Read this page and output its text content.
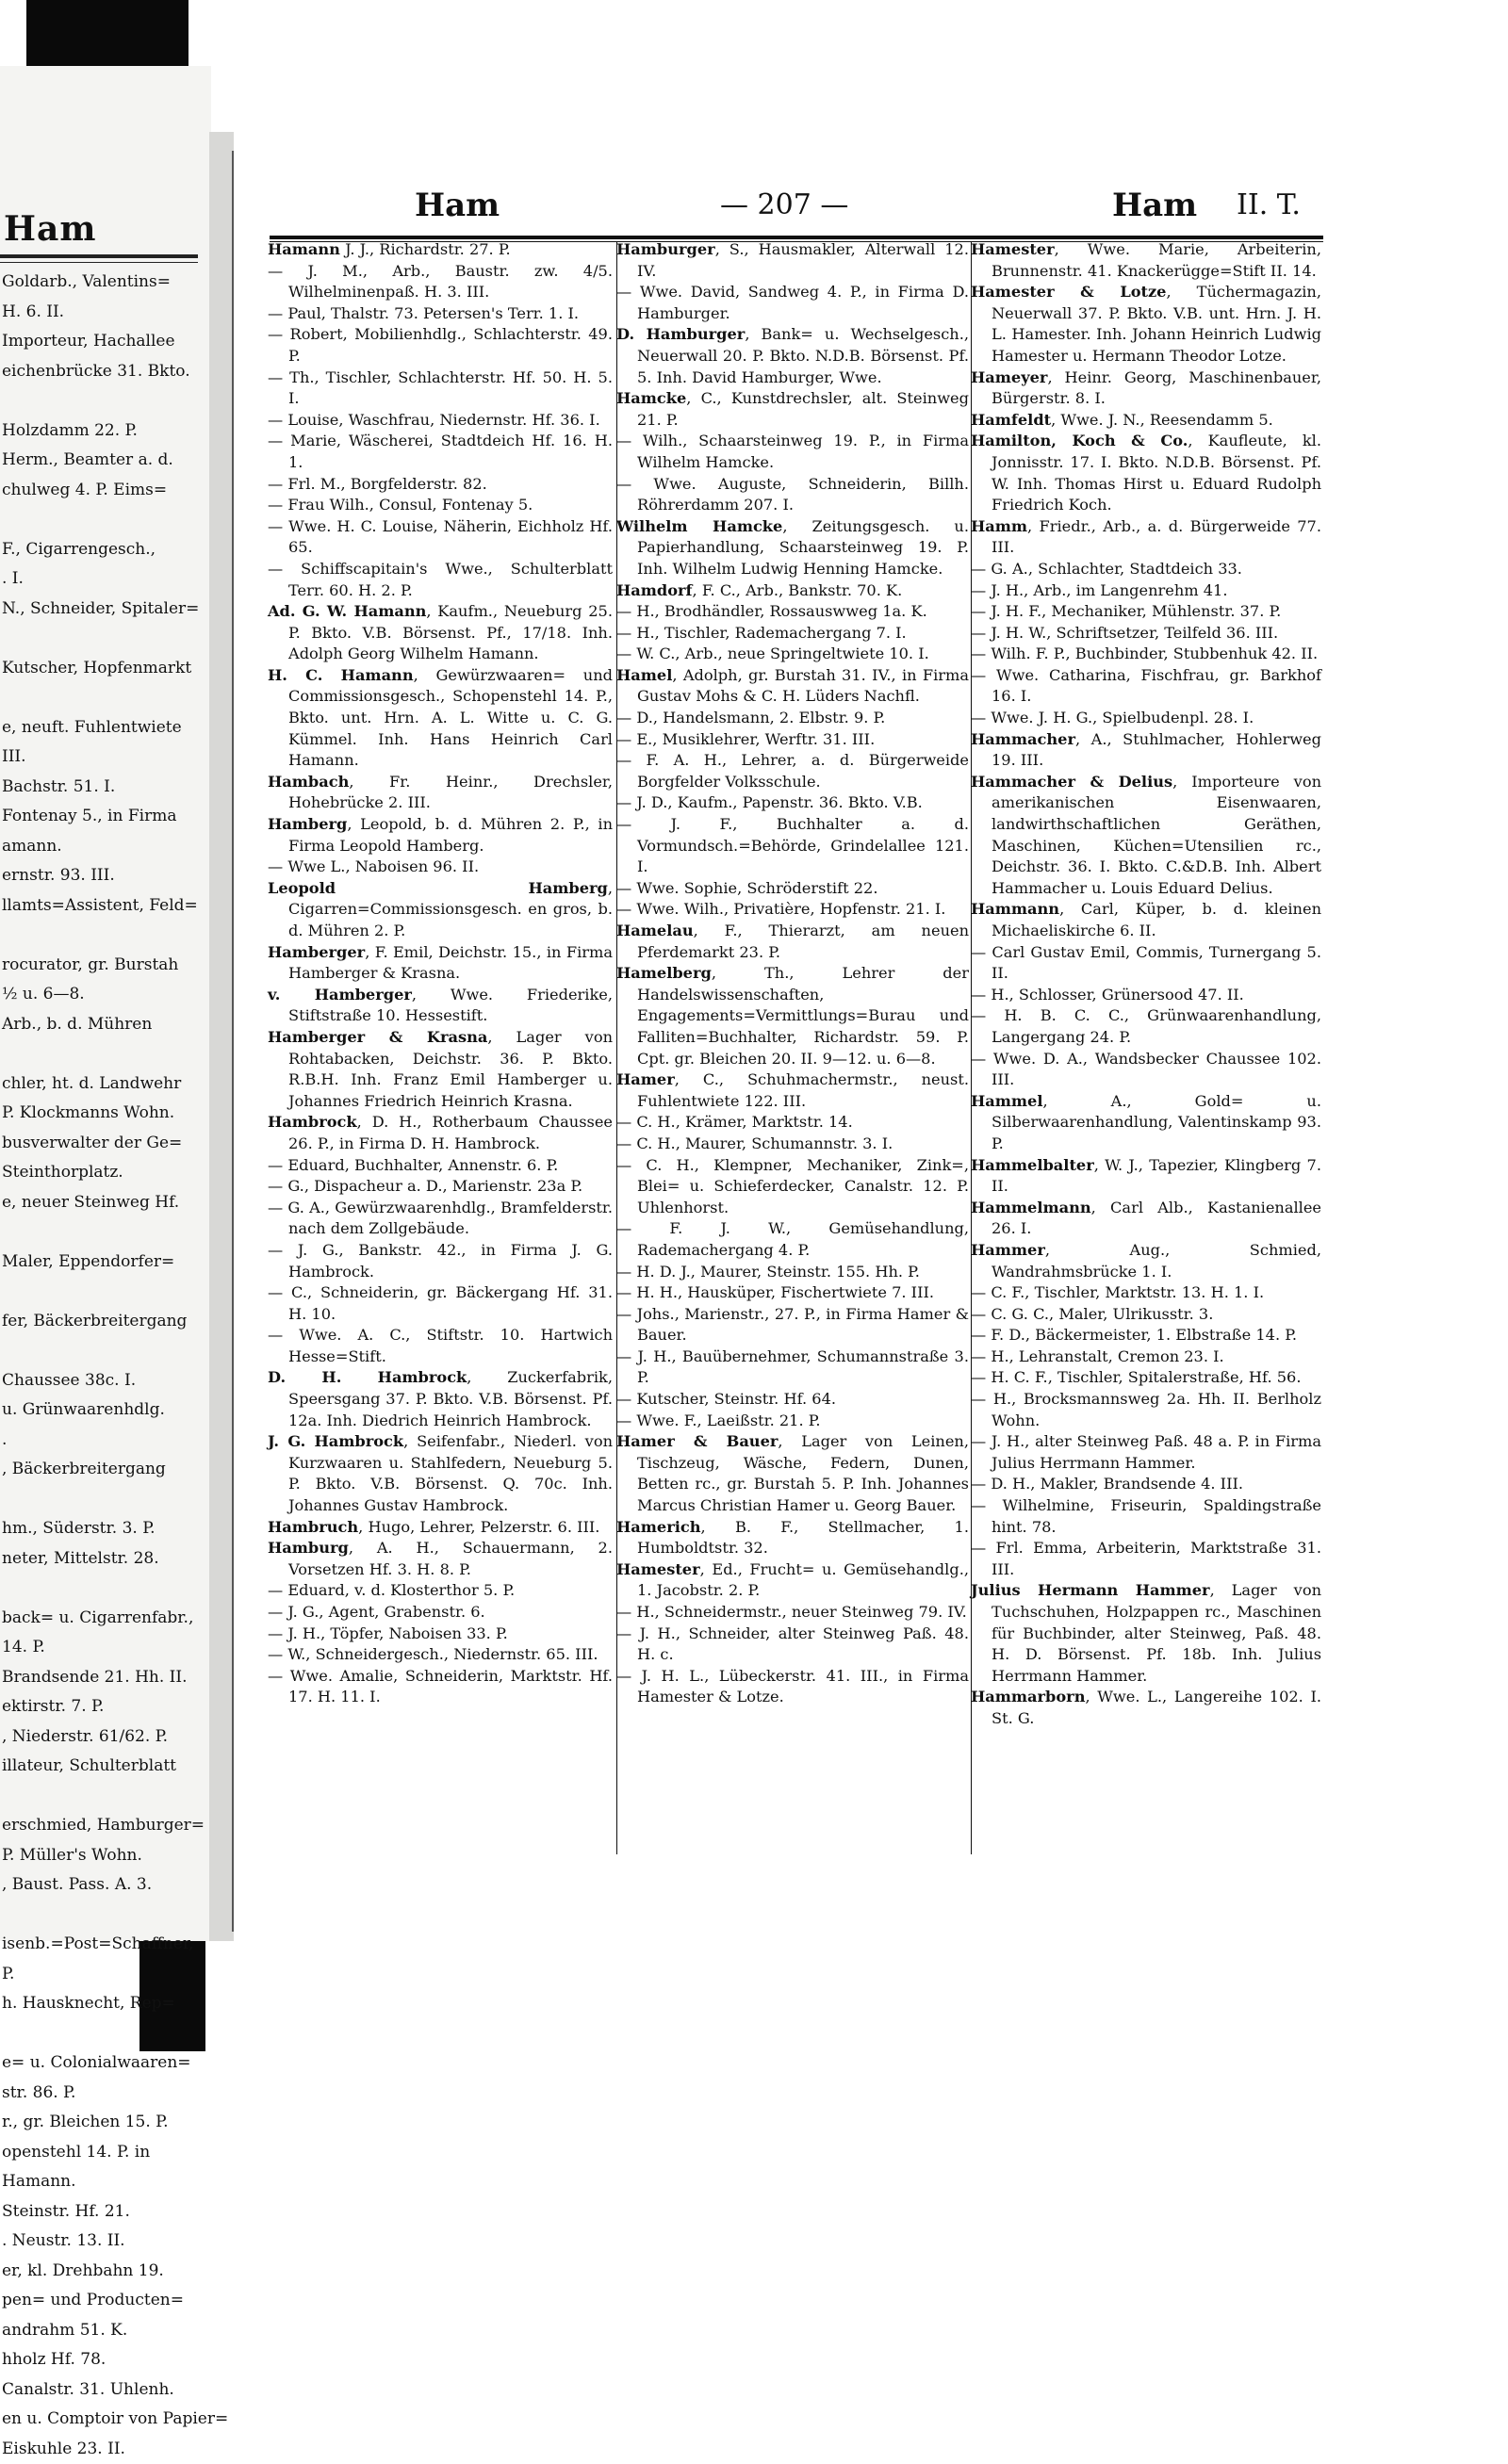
Ham
Goldarb., Valentins=
H. 6. II.
Importeur, Hachallee
eichenbrücke 31. Bkto.

Holzdamm 22. P.
Herm., Beamter a. d.
chulweg 4. P. Eims=

F., Cigarrengesch.,
. I.
N., Schneider, Spitaler=

Kutscher, Hopfenmarkt

e, neuft. Fuhlentwiete
III.
Bachstr. 51. I.
Fontenay 5., in Firma
amann.
ernstr. 93. III.
llamts=Assistent, Feld=

rocurator, gr. Burstah
½ u. 6—8.
Arb., b. d. Mühren

chler, ht. d. Landwehr
P. Klockmanns Wohn.
busverwalter der Ge=
Steinthorplatz.
e, neuer Steinweg Hf.

Maler, Eppendorfer=

fer, Bäckerbreitergang

Chaussee 38c. I.
u. Grünwaarenhdlg.
.
, Bäckerbreitergang

hm., Süderstr. 3. P.
neter, Mittelstr. 28.

back= u. Cigarrenfabr.,
14. P.
Brandsende 21. Hh. II.
ektirstr. 7. P.
, Niederstr. 61/62. P.
illateur, Schulterblatt

erschmied, Hamburger=
P. Müller's Wohn.
, Baust. Pass. A. 3.

isenb.=Post=Schaffner,
P.
h. Hausknecht, Rep=

e= u. Colonialwaaren=
str. 86. P.
r., gr. Bleichen 15. P.
openstehl 14. P. in
Hamann.
Steinstr. Hf. 21.
. Neustr. 13. II.
er, kl. Drehbahn 19.
pen= und Producten=
andrahm 51. K.
hholz Hf. 78.
Canalstr. 31. Uhlenh.
en u. Comptoir von Papier=
Eiskuhle 23. II.
Ham	— 207 —	Ham II. T.
Hamann J. J., Richardstr. 27. P.
— J. M., Arb., Baustr. zw. 4/5. Wilhelminenpaß. H. 3. III.
— Paul, Thalstr. 73. Petersen's Terr. 1. I.
— Robert, Mobilienhdlg., Schlachterstr. 49. P.
— Th., Tischler, Schlachterstr. Hf. 50. H. 5. I.
— Louise, Waschfrau, Niedernstr. Hf. 36. I.
— Marie, Wäscherei, Stadtdeich Hf. 16. H. 1.
— Frl. M., Borgfelderstr. 82.
— Frau Wilh., Consul, Fontenay 5.
— Wwe. H. C. Louise, Näherin, Eichholz Hf. 65.
— Schiffscapitain's Wwe., Schulterblatt Terr. 60. H. 2. P.
Ad. G. W. Hamann, Kaufm., Neueburg 25. P. Bkto. V.B. Börsenst. Pf., 17/18. Inh. Adolph Georg Wilhelm Hamann.
H. C. Hamann, Gewürzwaaren= und Commissionsgesch., Schopenstehl 14. P., Bkto. unt. Hrn. A. L. Witte u. C. G. Kümmel. Inh. Hans Heinrich Carl Hamann.
Hambach, Fr. Heinr., Drechsler, Hohebrücke 2. III.
Hamberg, Leopold, b. d. Mühren 2. P., in Firma Leopold Hamberg.
— Wwe L., Naboisen 96. II.
Leopold Hamberg, Cigarren=Commissionsgesch. en gros, b. d. Mühren 2. P.
Hamberger, F. Emil, Deichstr. 15., in Firma Hamberger & Krasna.
v. Hamberger, Wwe. Friederike, Stiftstraße 10. Hessestift.
Hamberger & Krasna, Lager von Rohtabacken, Deichstr. 36. P. Bkto. R.B.H. Inh. Franz Emil Hamberger u. Johannes Friedrich Heinrich Krasna.
Hambrock, D. H., Rotherbaum Chaussee 26. P., in Firma D. H. Hambrock.
— Eduard, Buchhalter, Annenstr. 6. P.
— G., Dispacheur a. D., Marienstr. 23a P.
— G. A., Gewürzwaarenhdlg., Bramfelderstr. nach dem Zollgebäude.
— J. G., Bankstr. 42., in Firma J. G. Hambrock.
— C., Schneiderin, gr. Bäckergang Hf. 31. H. 10.
— Wwe. A. C., Stiftstr. 10. Hartwich Hesse=Stift.
D. H. Hambrock, Zuckerfabrik, Speersgang 37. P. Bkto. V.B. Börsenst. Pf. 12a. Inh. Diedrich Heinrich Hambrock.
J. G. Hambrock, Seifenfabr., Niederl. von Kurzwaaren u. Stahlfedern, Neueburg 5. P. Bkto. V.B. Börsenst. Q. 70c. Inh. Johannes Gustav Hambrock.
Hambruch, Hugo, Lehrer, Pelzerstr. 6. III.
Hamburg, A. H., Schauermann, 2. Vorsetzen Hf. 3. H. 8. P.
— Eduard, v. d. Klosterthor 5. P.
— J. G., Agent, Grabenstr. 6.
— J. H., Töpfer, Naboisen 33. P.
— W., Schneidergesch., Niedernstr. 65. III.
— Wwe. Amalie, Schneiderin, Marktstr. Hf. 17. H. 11. I.
Hamburger, S., Hausmakler, Alterwall 12. IV.
— Wwe. David, Sandweg 4. P., in Firma D. Hamburger.
D. Hamburger, Bank= u. Wechselgesch., Neuerwall 20. P. Bkto. N.D.B. Börsenst. Pf. 5. Inh. David Hamburger, Wwe.
Hamcke, C., Kunstdrechsler, alt. Steinweg 21. P.
— Wilh., Schaarsteinweg 19. P., in Firma Wilhelm Hamcke.
— Wwe. Auguste, Schneiderin, Billh. Röhrerdamm 207. I.
Wilhelm Hamcke, Zeitungsgesch. u. Papierhandlung, Schaarsteinweg 19. P. Inh. Wilhelm Ludwig Henning Hamcke.
Hamdorf, F. C., Arb., Bankstr. 70. K.
— H., Brodhändler, Rossauswweg 1a. K.
— H., Tischler, Rademachergang 7. I.
— W. C., Arb., neue Springeltwiete 10. I.
Hamel, Adolph, gr. Burstah 31. IV., in Firma Gustav Mohs & C. H. Lüders Nachfl.
— D., Handelsmann, 2. Elbstr. 9. P.
— E., Musiklehrer, Werftr. 31. III.
— F. A. H., Lehrer, a. d. Bürgerweide Borgfelder Volksschule.
— J. D., Kaufm., Papenstr. 36. Bkto. V.B.
— J. F., Buchhalter a. d. Vormundsch.=Behörde, Grindelallee 121. I.
— Wwe. Sophie, Schröderstift 22.
— Wwe. Wilh., Privatière, Hopfenstr. 21. I.
Hamelau, F., Thierarzt, am neuen Pferdemarkt 23. P.
Hamelberg, Th., Lehrer der Handelswissenschaften, Engagements=Vermittlungs=Burau und Falliten=Buchhalter, Richardstr. 59. P. Cpt. gr. Bleichen 20. II. 9—12. u. 6—8.
Hamer, C., Schuhmachermstr., neust. Fuhlentwiete 122. III.
— C. H., Krämer, Marktstr. 14.
— C. H., Maurer, Schumannstr. 3. I.
— C. H., Klempner, Mechaniker, Zink=, Blei= u. Schieferdecker, Canalstr. 12. P. Uhlenhorst.
— F. J. W., Gemüsehandlung, Rademachergang 4. P.
— H. D. J., Maurer, Steinstr. 155. Hh. P.
— H. H., Hausküper, Fischertwiete 7. III.
— Johs., Marienstr., 27. P., in Firma Hamer & Bauer.
— J. H., Bauübernehmer, Schumannstraße 3. P.
— Kutscher, Steinstr. Hf. 64.
— Wwe. F., Laeißstr. 21. P.
Hamer & Bauer, Lager von Leinen, Tischzeug, Wäsche, Federn, Dunen, Betten rc., gr. Burstah 5. P. Inh. Johannes Marcus Christian Hamer u. Georg Bauer.
Hamerich, B. F., Stellmacher, 1. Humboldtstr. 32.
Hamester, Ed., Frucht= u. Gemüsehandlg., 1. Jacobstr. 2. P.
— H., Schneidermstr., neuer Steinweg 79. IV.
— J. H., Schneider, alter Steinweg Paß. 48. H. c.
— J. H. L., Lübeckerstr. 41. III., in Firma Hamester & Lotze.
Hamester, Wwe. Marie, Arbeiterin, Brunnenstr. 41. Knackerügge=Stift II. 14.
Hamester & Lotze, Tüchermagazin, Neuerwall 37. P. Bkto. V.B. unt. Hrn. J. H. L. Hamester. Inh. Johann Heinrich Ludwig Hamester u. Hermann Theodor Lotze.
Hameyer, Heinr. Georg, Maschinenbauer, Bürgerstr. 8. I.
Hamfeldt, Wwe. J. N., Reesendamm 5.
Hamilton, Koch & Co., Kaufleute, kl. Jonnisstr. 17. I. Bkto. N.D.B. Börsenst. Pf. W. Inh. Thomas Hirst u. Eduard Rudolph Friedrich Koch.
Hamm, Friedr., Arb., a. d. Bürgerweide 77. III.
— G. A., Schlachter, Stadtdeich 33.
— J. H., Arb., im Langenrehm 41.
— J. H. F., Mechaniker, Mühlenstr. 37. P.
— J. H. W., Schriftsetzer, Teilfeld 36. III.
— Wilh. F. P., Buchbinder, Stubbenhuk 42. II.
— Wwe. Catharina, Fischfrau, gr. Barkhof 16. I.
— Wwe. J. H. G., Spielbudenpl. 28. I.
Hammacher, A., Stuhlmacher, Hohlerweg 19. III.
Hammacher & Delius, Importeure von amerikanischen Eisenwaaren, landwirthschaftlichen Geräthen, Maschinen, Küchen=Utensilien rc., Deichstr. 36. I. Bkto. C.&D.B. Inh. Albert Hammacher u. Louis Eduard Delius.
Hammann, Carl, Küper, b. d. kleinen Michaeliskirche 6. II.
— Carl Gustav Emil, Commis, Turnergang 5. II.
— H., Schlosser, Grünersood 47. II.
— H. B. C. C., Grünwaarenhandlung, Langergang 24. P.
— Wwe. D. A., Wandsbecker Chaussee 102. III.
Hammel, A., Gold= u. Silberwaarenhandlung, Valentinskamp 93. P.
Hammelbalter, W. J., Tapezier, Klingberg 7. II.
Hammelmann, Carl Alb., Kastanienallee 26. I.
Hammer, Aug., Schmied, Wandrahmsbrücke 1. I.
— C. F., Tischler, Marktstr. 13. H. 1. I.
— C. G. C., Maler, Ulrikusstr. 3.
— F. D., Bäckermeister, 1. Elbstraße 14. P.
— H., Lehranstalt, Cremon 23. I.
— H. C. F., Tischler, Spitalerstraße, Hf. 56.
— H., Brocksmannsweg 2a. Hh. II. Berlholz Wohn.
— J. H., alter Steinweg Paß. 48 a. P. in Firma Julius Herrmann Hammer.
— D. H., Makler, Brandsende 4. III.
— Wilhelmine, Friseurin, Spaldingstraße hint. 78.
— Frl. Emma, Arbeiterin, Marktstraße 31. III.
Julius Hermann Hammer, Lager von Tuchschuhen, Holzpappen rc., Maschinen für Buchbinder, alter Steinweg, Paß. 48. H. D. Börsenst. Pf. 18b. Inh. Julius Herrmann Hammer.
Hammarborn, Wwe. L., Langereihe 102. I. St. G.
